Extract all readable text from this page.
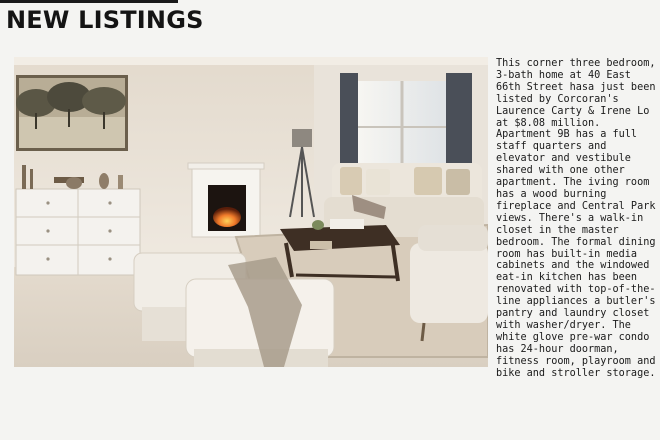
NEW LISTINGS

This corner three bedroom, 3-bath home at 40 East 66th Street hasa just been listed by Corcoran's Laurence Carty & Irene Lo at $8.08 million. Apartment 9B has a full staff quarters and elevator and vestibule shared with one other apartment. The iving room has a wood burning fireplace and Central Park views. There's a walk-in closet in the master bedroom. The formal dining room has built-in media cabinets and the windowed eat-in kitchen has been renovated with top-of-the-line appliances a butler's pantry and laundry closet with washer/dryer. The white glove pre-war condo has 24-hour doorman, fitness room, playroom and bike and stroller storage.
